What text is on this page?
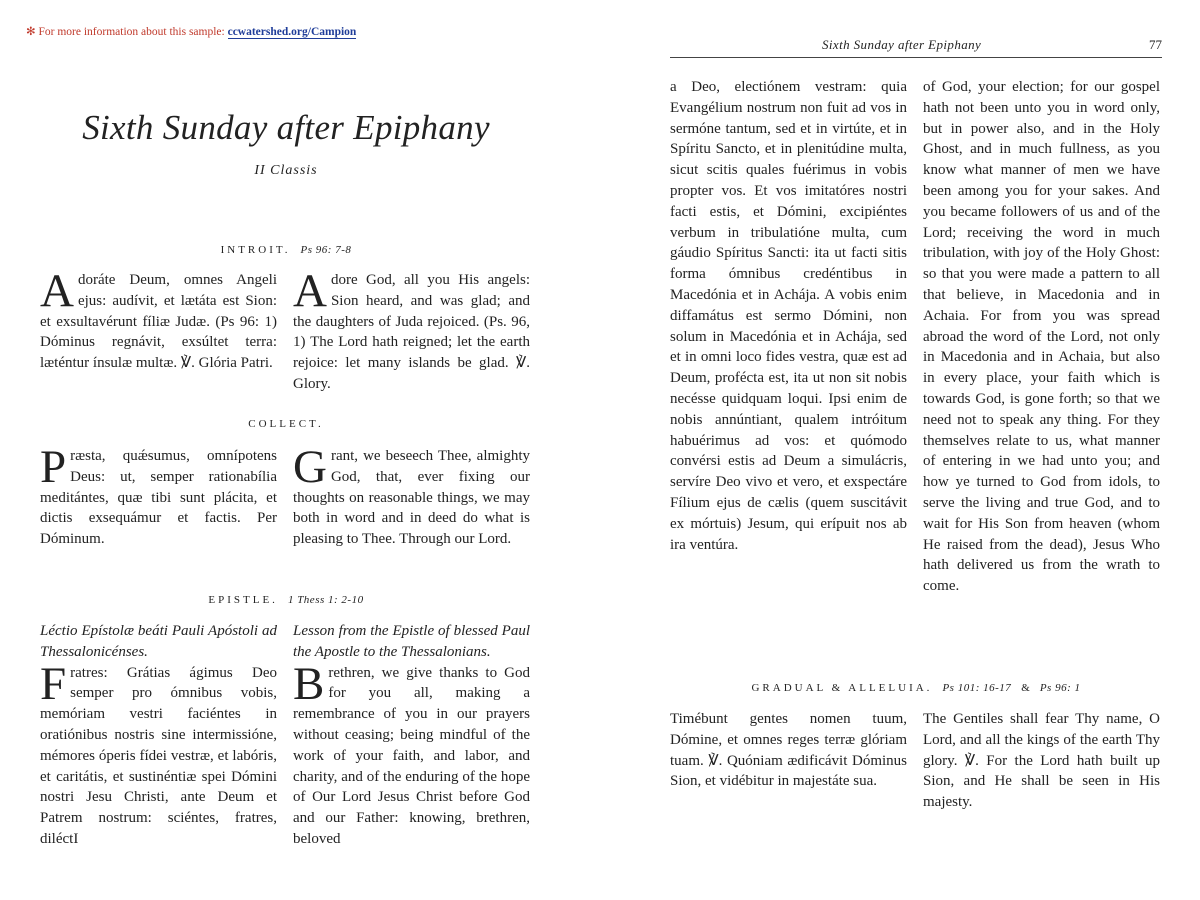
✻ For more information about this sample: ccwatershed.org/Campion
Sixth Sunday after Epiphany
II Classis
INTROIT. Ps 96: 7-8
Adoráte Deum, omnes Angeli ejus: audívit, et lætáta est Sion: et exsultavérunt fíliæ Judæ. (Ps 96: 1) Dóminus regnávit, exsúltet terra: læténtur ínsulæ multæ. ℣. Glória Patri.
Adore God, all you His angels: Sion heard, and was glad; and the daughters of Juda rejoiced. (Ps. 96, 1) The Lord hath reigned; let the earth rejoice: let many islands be glad. ℣. Glory.
COLLECT.
Præsta, quǽsumus, omnípotens Deus: ut, semper rationabília meditántes, quæ tibi sunt plácita, et dictis exsequámur et factis. Per Dóminum.
Grant, we beseech Thee, almighty God, that, ever fixing our thoughts on reasonable things, we may both in word and in deed do what is pleasing to Thee. Through our Lord.
EPISTLE. 1 Thess 1: 2-10
Léctio Epístolæ beáti Pauli Apóstoli ad Thessalonicénses.
F ratres: Grátias ágimus Deo semper pro ómnibus vobis, memóriam vestri faciéntes in oratiónibus nostris sine intermissióne, mémores óperis fídei vestræ, et labóris, et caritátis, et sustinéntiæ spei Dómini nostri Jesu Christi, ante Deum et Patrem nostrum: sciéntes, fratres, diléctI
Lesson from the Epistle of blessed Paul the Apostle to the Thessalonians.
B rethren, we give thanks to God for you all, making a remembrance of you in our prayers without ceasing; being mindful of the work of your faith, and labor, and charity, and of the enduring of the hope of Our Lord Jesus Christ before God and our Father: knowing, brethren, beloved
Sixth Sunday after Epiphany	77
a Deo, electiónem vestram: quia Evangélium nostrum non fuit ad vos in sermóne tantum, sed et in virtúte, et in Spíritu Sancto, et in plenitúdine multa, sicut scitis quales fuérimus in vobis propter vos. Et vos imitatóres nostri facti estis, et Dómini, excipiéntes verbum in tribulatióne multa, cum gáudio Spíritus Sancti: ita ut facti sitis forma ómnibus credéntibus in Macedónia et in Achája. A vobis enim diffamátus est sermo Dómini, non solum in Macedónia et in Achája, sed et in omni loco fides vestra, quæ est ad Deum, profécta est, ita ut non sit nobis necésse quidquam loqui. Ipsi enim de nobis annúntiant, qualem intróitum habuérimus ad vos: et quómodo convérsi estis ad Deum a simulácris, servíre Deo vivo et vero, et exspectáre Fílium ejus de cælis (quem suscitávit ex mórtuis) Jesum, qui erípuit nos ab ira ventúra.
of God, your election; for our gospel hath not been unto you in word only, but in power also, and in the Holy Ghost, and in much fullness, as you know what manner of men we have been among you for your sakes. And you became followers of us and of the Lord; receiving the word in much tribulation, with joy of the Holy Ghost: so that you were made a pattern to all that believe, in Macedonia and in Achaia. For from you was spread abroad the word of the Lord, not only in Macedonia and in Achaia, but also in every place, your faith which is towards God, is gone forth; so that we need not to speak any thing. For they themselves relate to us, what manner of entering in we had unto you; and how ye turned to God from idols, to serve the living and true God, and to wait for His Son from heaven (whom He raised from the dead), Jesus Who hath delivered us from the wrath to come.
GRADUAL & ALLELUIA. Ps 101: 16-17 & Ps 96: 1
Timébunt gentes nomen tuum, Dómine, et omnes reges terræ glóriam tuam. ℣. Quóniam ædificávit Dóminus Sion, et vidébitur in majestáte sua.
The Gentiles shall fear Thy name, O Lord, and all the kings of the earth Thy glory. ℣. For the Lord hath built up Sion, and He shall be seen in His majesty.
